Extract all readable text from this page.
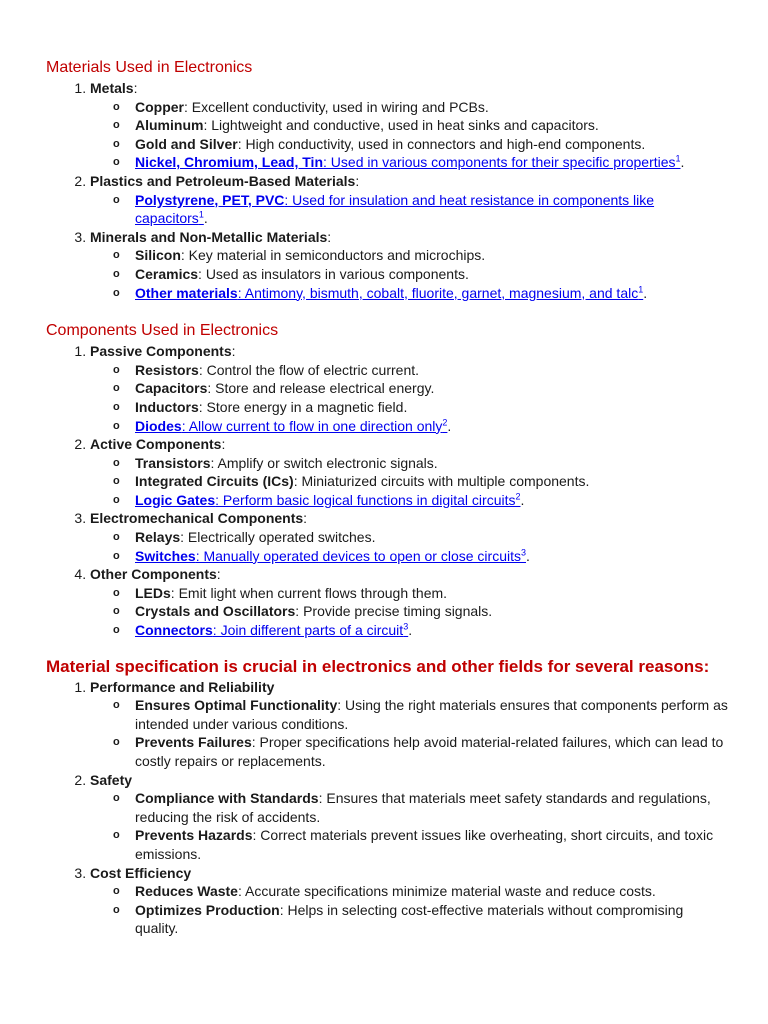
Materials Used in Electronics
1. Metals:
o Copper: Excellent conductivity, used in wiring and PCBs.
o Aluminum: Lightweight and conductive, used in heat sinks and capacitors.
o Gold and Silver: High conductivity, used in connectors and high-end components.
o Nickel, Chromium, Lead, Tin: Used in various components for their specific properties$^1$.
2. Plastics and Petroleum-Based Materials:
o Polystyrene, PET, PVC: Used for insulation and heat resistance in components like capacitors$^1$.
3. Minerals and Non-Metallic Materials:
o Silicon: Key material in semiconductors and microchips.
o Ceramics: Used as insulators in various components.
o Other materials: Antimony, bismuth, cobalt, fluorite, garnet, magnesium, and talc$^1$.
Components Used in Electronics
1. Passive Components:
o Resistors: Control the flow of electric current.
o Capacitors: Store and release electrical energy.
o Inductors: Store energy in a magnetic field.
o Diodes: Allow current to flow in one direction only$^2$.
2. Active Components:
o Transistors: Amplify or switch electronic signals.
o Integrated Circuits (ICs): Miniaturized circuits with multiple components.
o Logic Gates: Perform basic logical functions in digital circuits$^2$.
3. Electromechanical Components:
o Relays: Electrically operated switches.
o Switches: Manually operated devices to open or close circuits$^3$.
4. Other Components:
o LEDs: Emit light when current flows through them.
o Crystals and Oscillators: Provide precise timing signals.
o Connectors: Join different parts of a circuit$^3$.
Material specification is crucial in electronics and other fields for several reasons:
1. Performance and Reliability
o Ensures Optimal Functionality: Using the right materials ensures that components perform as intended under various conditions.
o Prevents Failures: Proper specifications help avoid material-related failures, which can lead to costly repairs or replacements.
2. Safety
o Compliance with Standards: Ensures that materials meet safety standards and regulations, reducing the risk of accidents.
o Prevents Hazards: Correct materials prevent issues like overheating, short circuits, and toxic emissions.
3. Cost Efficiency
o Reduces Waste: Accurate specifications minimize material waste and reduce costs.
o Optimizes Production: Helps in selecting cost-effective materials without compromising quality.
